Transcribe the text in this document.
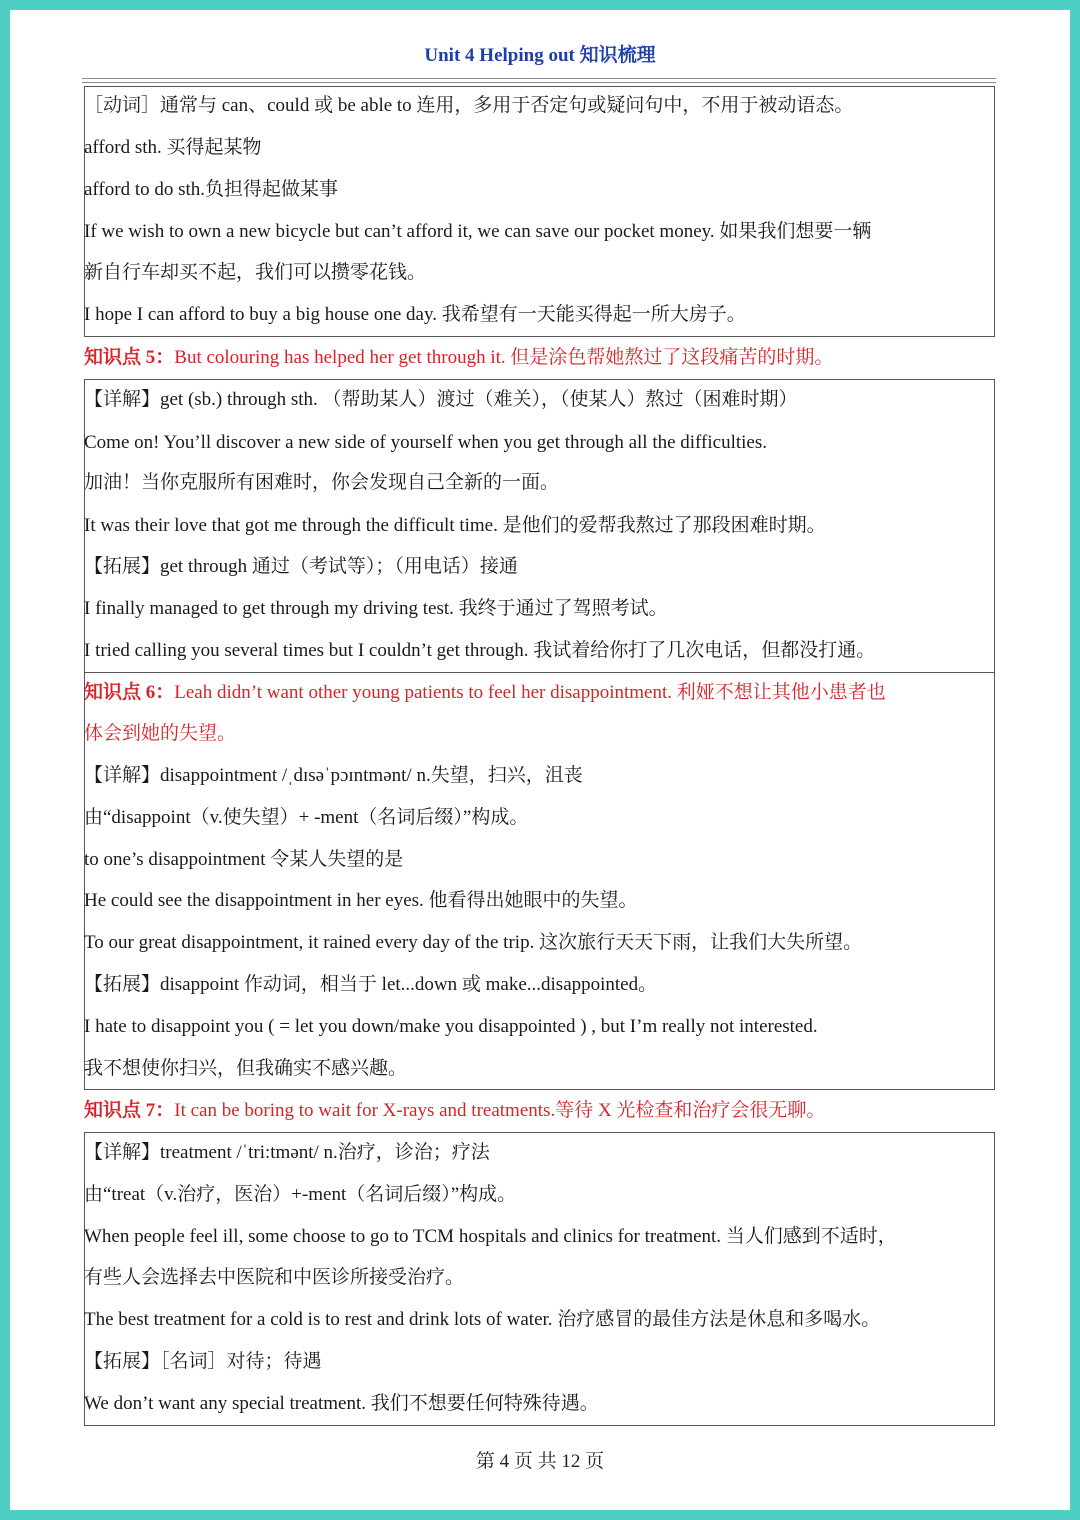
Unit 4 Helping out 知识梳理
［动词］通常与 can、could 或 be able to 连用，多用于否定句或疑问句中，不用于被动语态。
afford sth. 买得起某物
afford to do sth.负担得起做某事
If we wish to own a new bicycle but can’t afford it, we can save our pocket money. 如果我们想要一辆
新自行车却买不起，我们可以攒零花钱。
I hope I can afford to buy a big house one day. 我希望有一天能买得起一所大房子。
知识点 5：But colouring has helped her get through it. 但是涂色帮她熬过了这段痛苦的时期。
【详解】get (sb.) through sth. （帮助某人）渡过（难关），（使某人）熬过（困难时期）
Come on! You’ll discover a new side of yourself when you get through all the difficulties.
加油！当你克服所有困难时，你会发现自己全新的一面。
It was their love that got me through the difficult time. 是他们的爱帮我熬过了那段困难时期。
【拓展】get through 通过（考试等）；（用电话）接通
I finally managed to get through my driving test. 我终于通过了驾照考试。
I tried calling you several times but I couldn’t get through. 我试着给你打了几次电话，但都没打通。
知识点 6：Leah didn’t want other young patients to feel her disappointment. 利娅不想让其他小患者也
体会到她的失望。
【详解】disappointment /ˌdɪsəˈpɔɪntmənt/ n.失望，扫兴，沮丧
由“disappoint（v.使失望）+ -ment（名词后缀）”构成。
to one’s disappointment 令某人失望的是
He could see the disappointment in her eyes. 他看得出她眼中的失望。
To our great disappointment, it rained every day of the trip. 这次旅行天天下雨，让我们大失所望。
【拓展】disappoint 作动词，相当于 let...down 或 make...disappointed。
I hate to disappoint you ( = let you down/make you disappointed ) , but I’m really not interested.
我不想使你扫兴，但我确实不感兴趣。
知识点 7：It can be boring to wait for X-rays and treatments.等待 X 光检查和治疗会很无聊。
【详解】treatment /ˈtri:tmənt/ n.治疗，诊治；疗法
由“treat（v.治疗，医治）+-ment（名词后缀）”构成。
When people feel ill, some choose to go to TCM hospitals and clinics for treatment. 当人们感到不适时，
有些人会选择去中医院和中医诊所接受治疗。
The best treatment for a cold is to rest and drink lots of water. 治疗感冒的最佳方法是休息和多喝水。
【拓展】［名词］对待；待遇
We don’t want any special treatment. 我们不想要任何特殊待遇。
第 4 页 共 12 页
